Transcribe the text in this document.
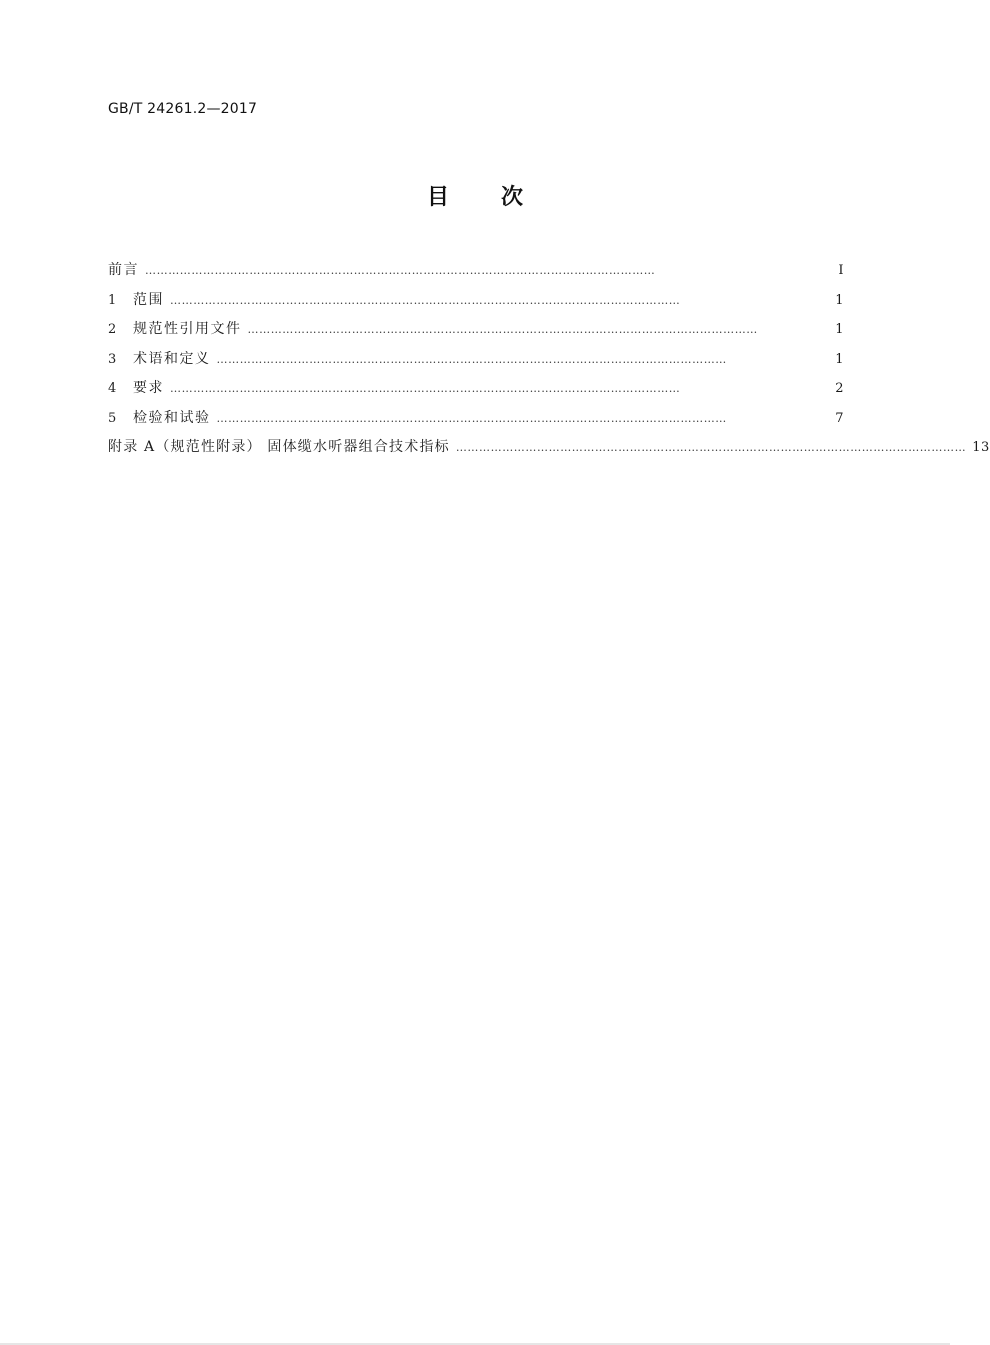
GB/T 24261.2—2017
目 次
前言 ……………………………………………………………………………………………………………………	Ⅰ
1	范围 ……………………………………………………………………………………………………………………	1
2	规范性引用文件 ……………………………………………………………………………………………………………………	1
3	术语和定义 ……………………………………………………………………………………………………………………	1
4	要求 ……………………………………………………………………………………………………………………	2
5	检验和试验 ……………………………………………………………………………………………………………………	7
附录 A（规范性附录） 固体缆水听器组合技术指标 …………………………………………………………………………………………………………………… 13
